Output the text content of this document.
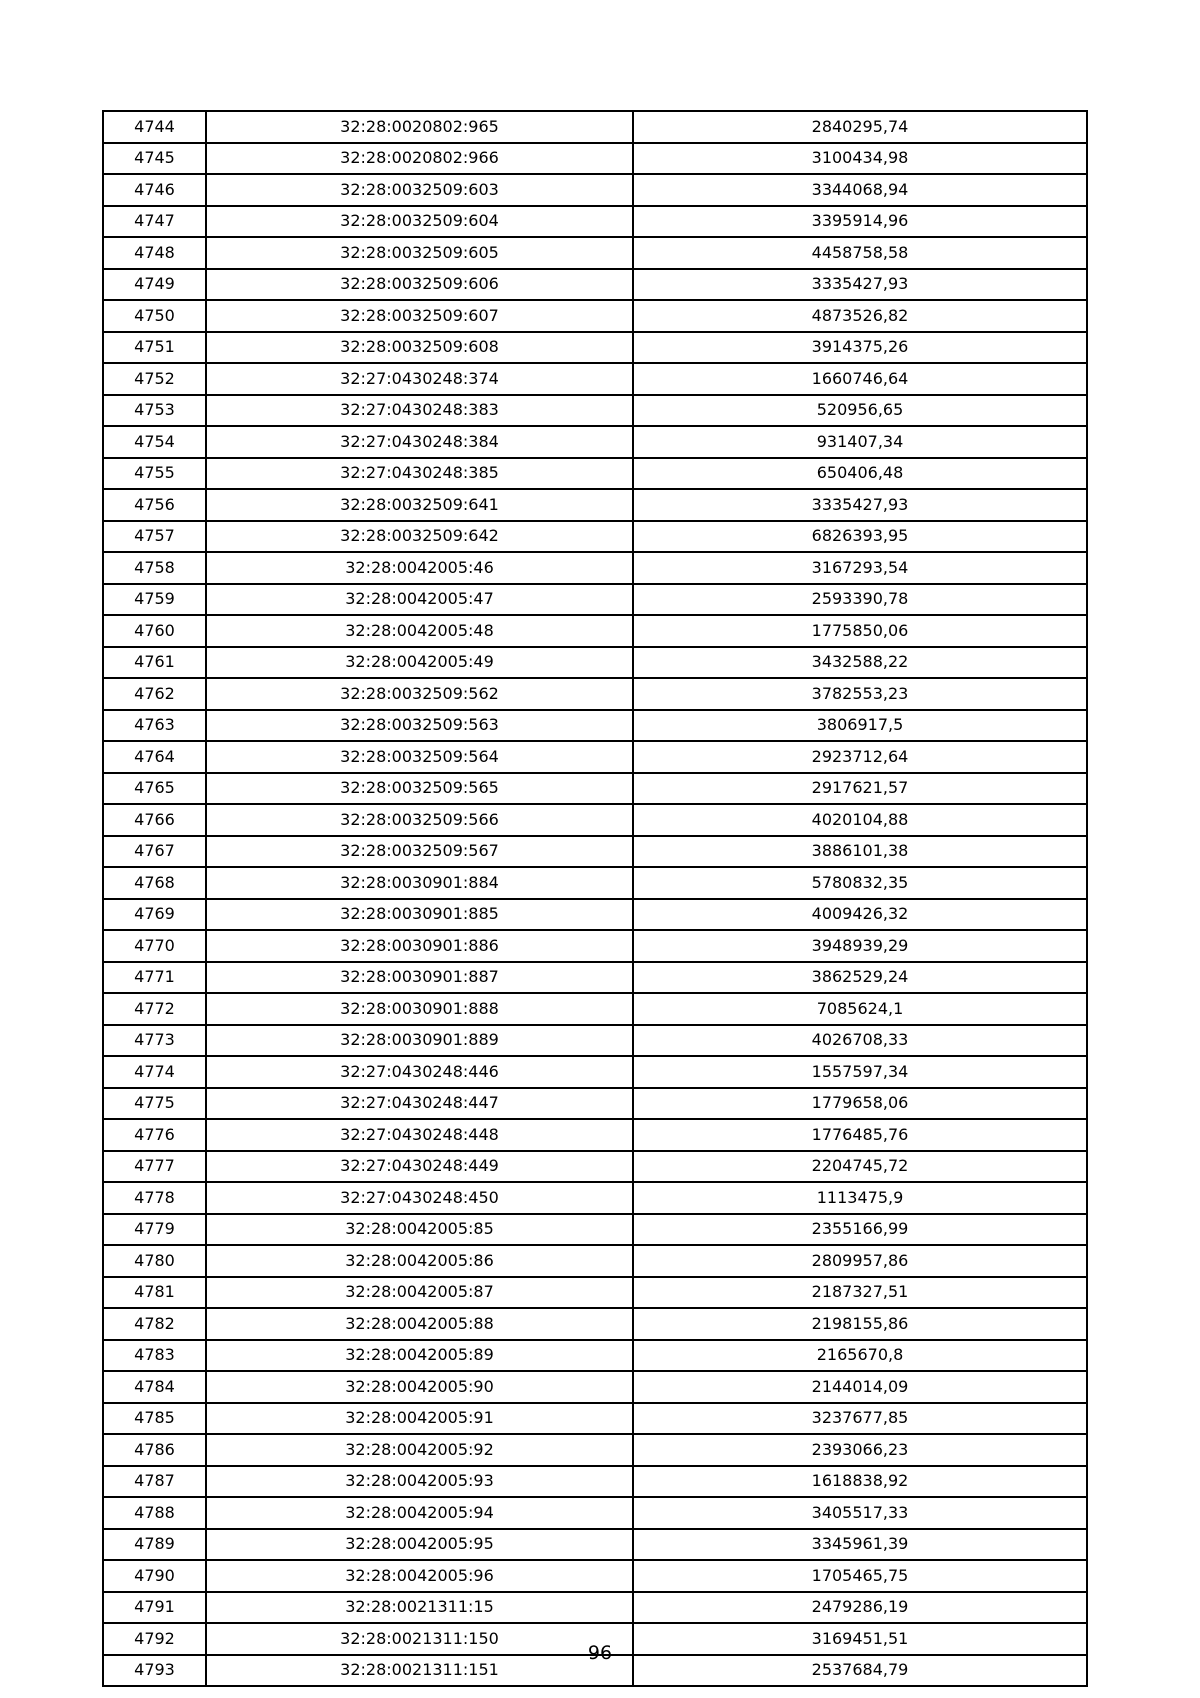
4744	32:28:0020802:965	2840295,74
4745	32:28:0020802:966	3100434,98
4746	32:28:0032509:603	3344068,94
4747	32:28:0032509:604	3395914,96
4748	32:28:0032509:605	4458758,58
4749	32:28:0032509:606	3335427,93
4750	32:28:0032509:607	4873526,82
4751	32:28:0032509:608	3914375,26
4752	32:27:0430248:374	1660746,64
4753	32:27:0430248:383	520956,65
4754	32:27:0430248:384	931407,34
4755	32:27:0430248:385	650406,48
4756	32:28:0032509:641	3335427,93
4757	32:28:0032509:642	6826393,95
4758	32:28:0042005:46	3167293,54
4759	32:28:0042005:47	2593390,78
4760	32:28:0042005:48	1775850,06
4761	32:28:0042005:49	3432588,22
4762	32:28:0032509:562	3782553,23
4763	32:28:0032509:563	3806917,5
4764	32:28:0032509:564	2923712,64
4765	32:28:0032509:565	2917621,57
4766	32:28:0032509:566	4020104,88
4767	32:28:0032509:567	3886101,38
4768	32:28:0030901:884	5780832,35
4769	32:28:0030901:885	4009426,32
4770	32:28:0030901:886	3948939,29
4771	32:28:0030901:887	3862529,24
4772	32:28:0030901:888	7085624,1
4773	32:28:0030901:889	4026708,33
4774	32:27:0430248:446	1557597,34
4775	32:27:0430248:447	1779658,06
4776	32:27:0430248:448	1776485,76
4777	32:27:0430248:449	2204745,72
4778	32:27:0430248:450	1113475,9
4779	32:28:0042005:85	2355166,99
4780	32:28:0042005:86	2809957,86
4781	32:28:0042005:87	2187327,51
4782	32:28:0042005:88	2198155,86
4783	32:28:0042005:89	2165670,8
4784	32:28:0042005:90	2144014,09
4785	32:28:0042005:91	3237677,85
4786	32:28:0042005:92	2393066,23
4787	32:28:0042005:93	1618838,92
4788	32:28:0042005:94	3405517,33
4789	32:28:0042005:95	3345961,39
4790	32:28:0042005:96	1705465,75
4791	32:28:0021311:15	2479286,19
4792	32:28:0021311:150	3169451,51
4793	32:28:0021311:151	2537684,79
96
